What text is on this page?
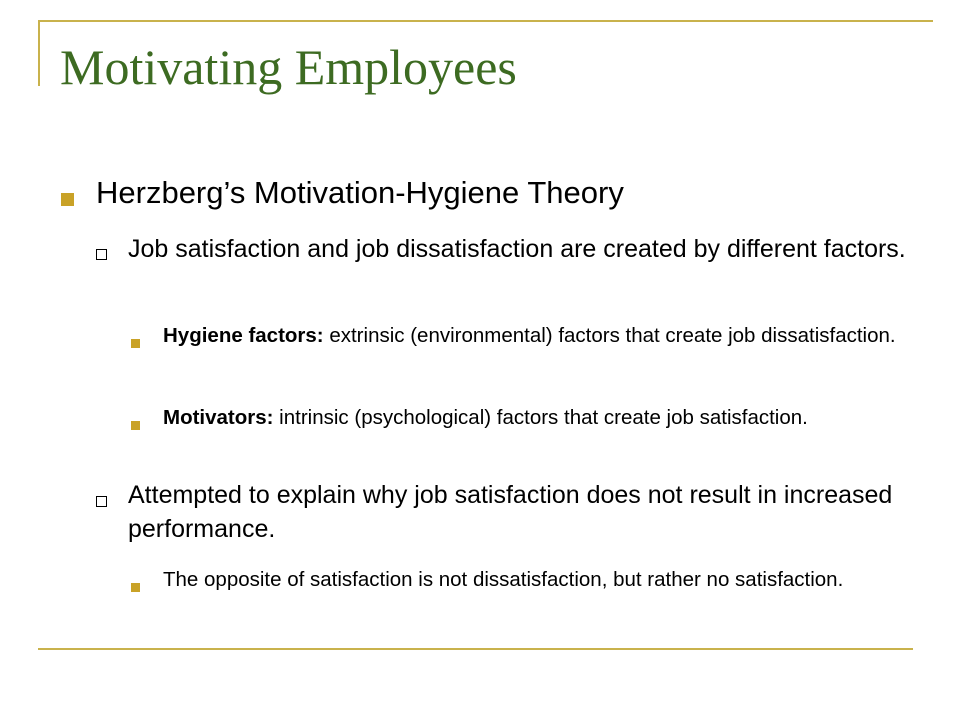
Motivating Employees
Herzberg’s Motivation-Hygiene Theory
Job satisfaction and job dissatisfaction are created by different factors.
Hygiene factors: extrinsic (environmental) factors that create job dissatisfaction.
Motivators: intrinsic (psychological) factors that create job satisfaction.
Attempted to explain why job satisfaction does not result in increased performance.
The opposite of satisfaction is not dissatisfaction, but rather no satisfaction.
